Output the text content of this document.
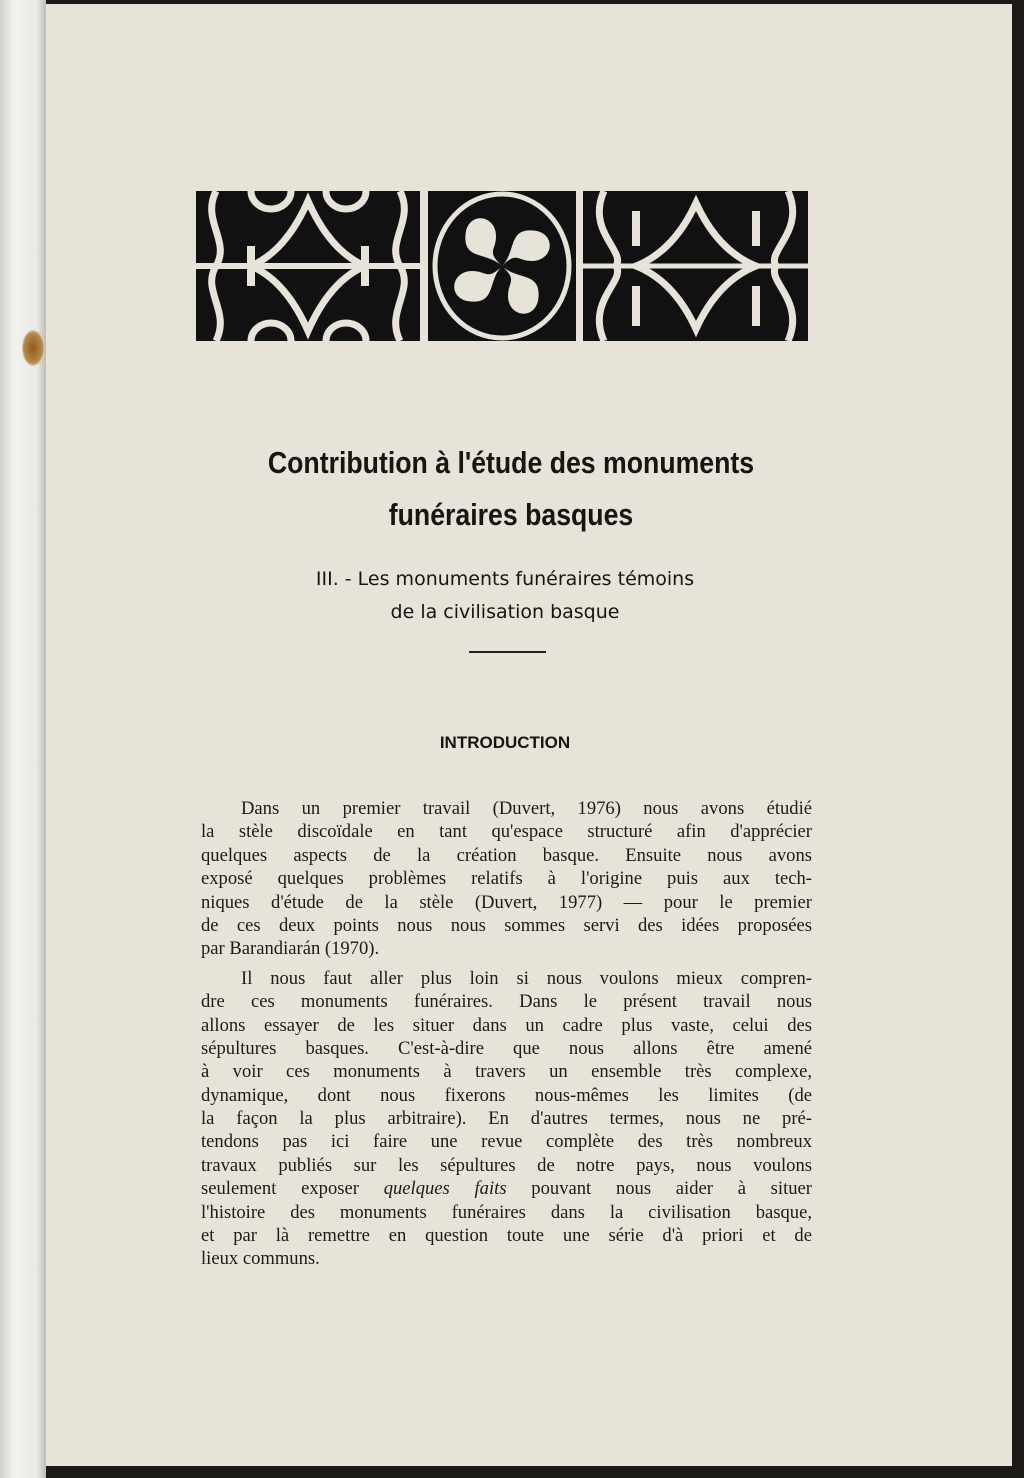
Contribution à l'étude des monuments
funéraires basques
III. - Les monuments funéraires témoins
de la civilisation basque
INTRODUCTION
Dans un premier travail (Duvert, 1976) nous avons étudié
la stèle discoïdale en tant qu'espace structuré afin d'apprécier
quelques aspects de la création basque. Ensuite nous avons
exposé quelques problèmes relatifs à l'origine puis aux tech-
niques d'étude de la stèle (Duvert, 1977) — pour le premier
de ces deux points nous nous sommes servi des idées proposées
par Barandiarán (1970).
Il nous faut aller plus loin si nous voulons mieux compren-
dre ces monuments funéraires. Dans le présent travail nous
allons essayer de les situer dans un cadre plus vaste, celui des
sépultures basques. C'est-à-dire que nous allons être amené
à voir ces monuments à travers un ensemble très complexe,
dynamique, dont nous fixerons nous-mêmes les limites (de
la façon la plus arbitraire). En d'autres termes, nous ne pré-
tendons pas ici faire une revue complète des très nombreux
travaux publiés sur les sépultures de notre pays, nous voulons
seulement exposer quelques faits pouvant nous aider à situer
l'histoire des monuments funéraires dans la civilisation basque,
et par là remettre en question toute une série d'à priori et de
lieux communs.
